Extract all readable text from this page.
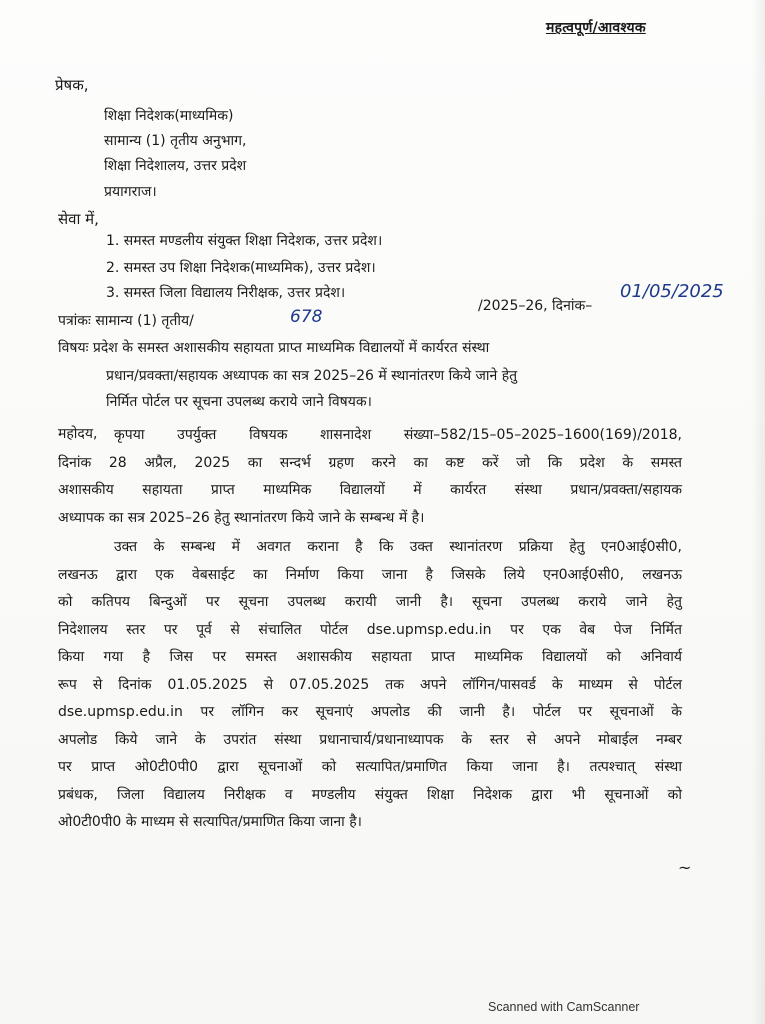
महत्वपूर्ण/आवश्यक
प्रेषक,
शिक्षा निदेशक(माध्यमिक)
सामान्य (1) तृतीय अनुभाग,
शिक्षा निदेशालय, उत्तर प्रदेश
प्रयागराज।
सेवा में,
1. समस्त मण्डलीय संयुक्त शिक्षा निदेशक, उत्तर प्रदेश।
2. समस्त उप शिक्षा निदेशक(माध्यमिक), उत्तर प्रदेश।
3. समस्त जिला विद्यालय निरीक्षक, उत्तर प्रदेश।
पत्रांकः सामान्य (1) तृतीय/	678
/2025–26, दिनांक–
01/05/2025
विषयः प्रदेश के समस्त अशासकीय सहायता प्राप्त माध्यमिक विद्यालयों में कार्यरत संस्था
प्रधान/प्रवक्ता/सहायक अध्यापक का सत्र 2025–26 में स्थानांतरण किये जाने हेतु
निर्मित पोर्टल पर सूचना उपलब्ध कराये जाने विषयक।
महोदय,	कृपया उपर्युक्त विषयक शासनादेश संख्या–582/15–05–2025–1600(169)/2018,
दिनांक 28 अप्रैल, 2025 का सन्दर्भ ग्रहण करने का कष्ट करें जो कि प्रदेश के समस्त
अशासकीय सहायता प्राप्त माध्यमिक विद्यालयों में कार्यरत संस्था प्रधान/प्रवक्ता/सहायक
अध्यापक का सत्र 2025–26 हेतु स्थानांतरण किये जाने के सम्बन्ध में है।
उक्त के सम्बन्ध में अवगत कराना है कि उक्त स्थानांतरण प्रक्रिया हेतु एन0आई0सी0,
लखनऊ द्वारा एक वेबसाईट का निर्माण किया जाना है जिसके लिये एन0आई0सी0, लखनऊ
को कतिपय बिन्दुओं पर सूचना उपलब्ध करायी जानी है। सूचना उपलब्ध कराये जाने हेतु
निदेशालय स्तर पर पूर्व से संचालित पोर्टल dse.upmsp.edu.in पर एक वेब पेज निर्मित
किया गया है जिस पर समस्त अशासकीय सहायता प्राप्त माध्यमिक विद्यालयों को अनिवार्य
रूप से दिनांक 01.05.2025 से 07.05.2025 तक अपने लॉगिन/पासवर्ड के माध्यम से पोर्टल
dse.upmsp.edu.in पर लॉगिन कर सूचनाएं अपलोड की जानी है। पोर्टल पर सूचनाओं के
अपलोड किये जाने के उपरांत संस्था प्रधानाचार्य/प्रधानाध्यापक के स्तर से अपने मोबाईल नम्बर
पर प्राप्त ओ0टी0पी0 द्वारा सूचनाओं को सत्यापित/प्रमाणित किया जाना है। तत्पश्चात् संस्था
प्रबंधक, जिला विद्यालय निरीक्षक व मण्डलीय संयुक्त शिक्षा निदेशक द्वारा भी सूचनाओं को
ओ0टी0पी0 के माध्यम से सत्यापित/प्रमाणित किया जाना है।
~
Scanned with CamScanner
